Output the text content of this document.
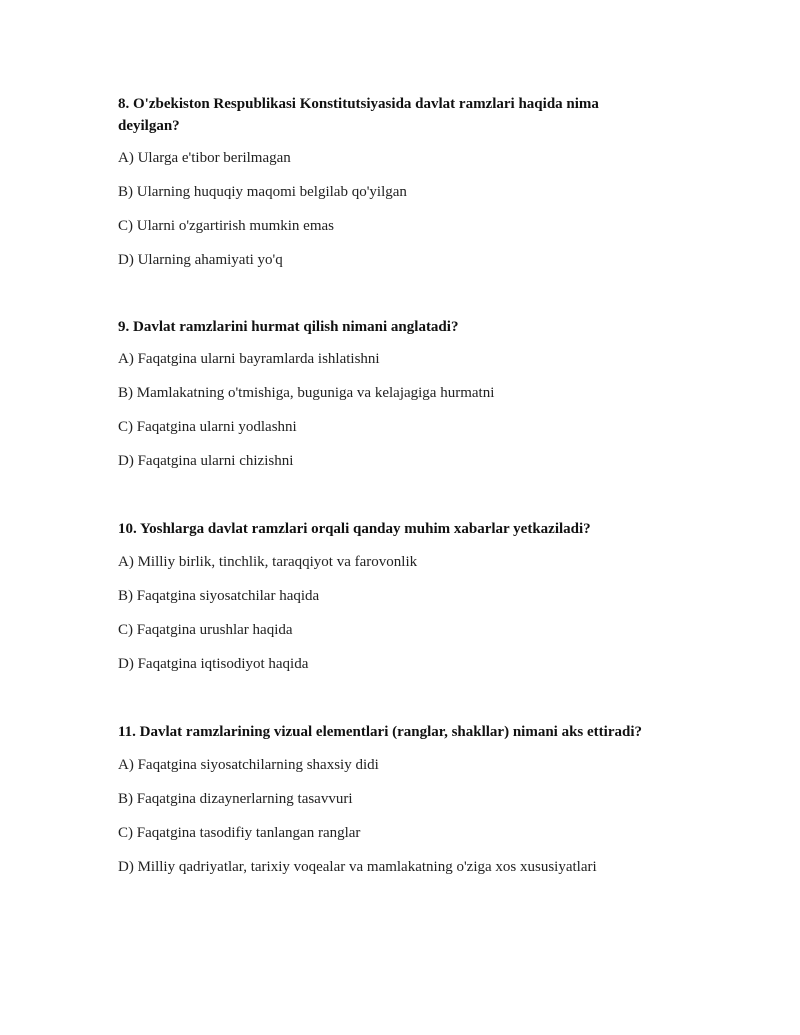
8. O'zbekiston Respublikasi Konstitutsiyasida davlat ramzlari haqida nima deyilgan?

A) Ularga e'tibor berilmagan

B) Ularning huquqiy maqomi belgilab qo'yilgan

C) Ularni o'zgartirish mumkin emas

D) Ularning ahamiyati yo'q

9. Davlat ramzlarini hurmat qilish nimani anglatadi?

A) Faqatgina ularni bayramlarda ishlatishni

B) Mamlakatning o'tmishiga, buguniga va kelajagiga hurmatni

C) Faqatgina ularni yodlashni

D) Faqatgina ularni chizishni

10. Yoshlarga davlat ramzlari orqali qanday muhim xabarlar yetkaziladi?

A) Milliy birlik, tinchlik, taraqqiyot va farovonlik

B) Faqatgina siyosatchilar haqida

C) Faqatgina urushlar haqida

D) Faqatgina iqtisodiyot haqida

11. Davlat ramzlarining vizual elementlari (ranglar, shakllar) nimani aks ettiradi?

A) Faqatgina siyosatchilarning shaxsiy didi

B) Faqatgina dizaynerlarning tasavvuri

C) Faqatgina tasodifiy tanlangan ranglar

D) Milliy qadriyatlar, tarixiy voqealar va mamlakatning o'ziga xos xususiyatlari
